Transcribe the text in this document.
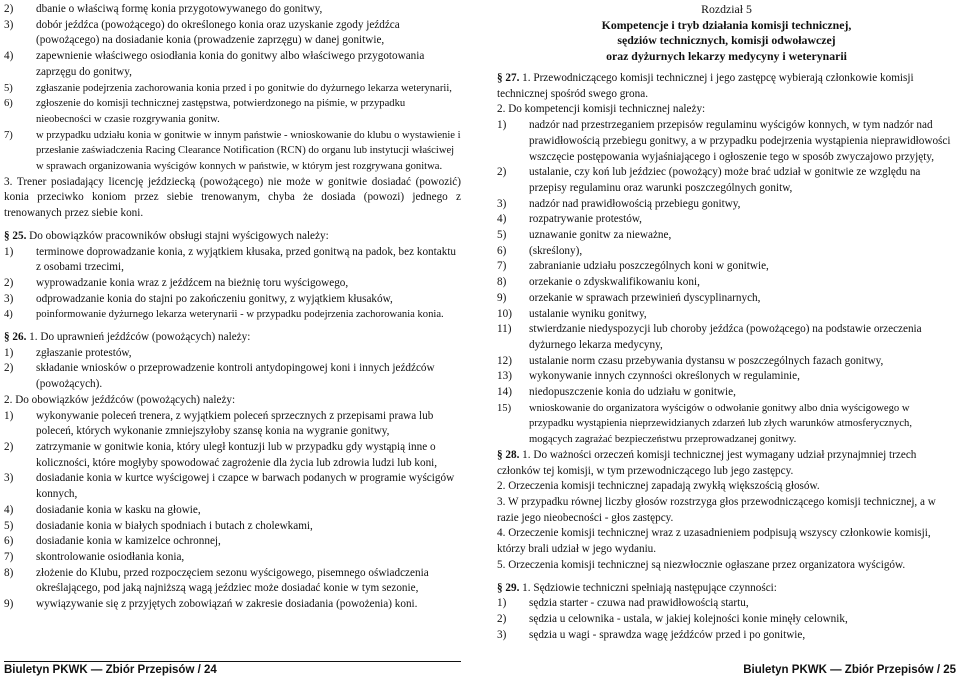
2) dbanie o właściwą formę konia przygotowywanego do gonitwy,

3) dobór jeźdźca (powożącego) do określonego konia oraz uzyskanie zgody jeźdźca (powożącego) na dosiadanie konia (prowadzenie zaprzęgu) w danej gonitwie,

4) zapewnienie właściwego osiodłania konia do gonitwy albo właściwego przygotowania zaprzęgu do gonitwy,

5) zgłaszanie podejrzenia zachorowania konia przed i po gonitwie do dyżurnego lekarza weterynarii,

6) zgłoszenie do komisji technicznej zastępstwa, potwierdzonego na piśmie, w przypadku nieobecności w czasie rozgrywania gonitw.

7) w przypadku udziału konia w gonitwie w innym państwie - wnioskowanie do klubu o wystawienie i przesłanie zaświadczenia Racing Clearance Notification (RCN) do organu lub instytucji właściwej w sprawach organizowania wyścigów konnych w państwie, w którym jest rozgrywana gonitwa.

3. Trener posiadający licencję jeździecką (powożącego) nie może w gonitwie dosiadać (powozić) konia przeciwko koniom przez siebie trenowanym, chyba że dosiada (powozi) jednego z trenowanych przez siebie koni.

§ 25. Do obowiązków pracowników obsługi stajni wyścigowych należy:

1) terminowe doprowadzanie konia, z wyjątkiem kłusaka, przed gonitwą na padok, bez kontaktu z osobami trzecimi,

2) wyprowadzanie konia wraz z jeźdźcem na bieżnię toru wyścigowego,

3) odprowadzanie konia do stajni po zakończeniu gonitwy, z wyjątkiem kłusaków,

4) poinformowanie dyżurnego lekarza weterynarii - w przypadku podejrzenia zachorowania konia.

§ 26. 1. Do uprawnień jeźdźców (powożących) należy:

1) zgłaszanie protestów,

2) składanie wniosków o przeprowadzenie kontroli antydopingowej koni i innych jeźdźców (powożących).

2. Do obowiązków jeźdźców (powożących) należy:

1) wykonywanie poleceń trenera, z wyjątkiem poleceń sprzecznych z przepisami prawa lub poleceń, których wykonanie zmniejszyłoby szansę konia na wygranie gonitwy,

2) zatrzymanie w gonitwie konia, który uległ kontuzji lub w przypadku gdy wystąpią inne o koliczności, które mogłyby spowodować zagrożenie dla życia lub zdrowia ludzi lub koni,

3) dosiadanie konia w kurtce wyścigowej i czapce w barwach podanych w programie wyścigów konnych,

4) dosiadanie konia w kasku na głowie,

5) dosiadanie konia w białych spodniach i butach z cholewkami,

6) dosiadanie konia w kamizelce ochronnej,

7) skontrolowanie osiodłania konia,

8) złożenie do Klubu, przed rozpoczęciem sezonu wyścigowego, pisemnego oświadczenia określającego, pod jaką najniższą wagą jeździec może dosiadać konie w tym sezonie,

9) wywiązywanie się z przyjętych zobowiązań w zakresie dosiadania (powożenia) koni.

Biuletyn PKWK — Zbiór Przepisów / 24

Rozdział 5

Kompetencje i tryb działania komisji technicznej,

sędziów technicznych, komisji odwoławczej

oraz dyżurnych lekarzy medycyny i weterynarii

§ 27. 1. Przewodniczącego komisji technicznej i jego zastępcę wybierają członkowie komisji technicznej spośród swego grona.

2. Do kompetencji komisji technicznej należy:

1) nadzór nad przestrzeganiem przepisów regulaminu wyścigów konnych, w tym nadzór nad prawidłowością przebiegu gonitwy, a w przypadku podejrzenia wystąpienia nieprawidłowości wszczęcie postępowania wyjaśniającego i ogłoszenie tego w sposób zwyczajowo przyjęty,

2) ustalanie, czy koń lub jeździec (powożący) może brać udział w gonitwie ze względu na przepisy regulaminu oraz warunki poszczególnych gonitw,

3) nadzór nad prawidłowością przebiegu gonitwy,

4) rozpatrywanie protestów,

5) uznawanie gonitw za nieważne,

6) (skreślony),

7) zabranianie udziału poszczególnych koni w gonitwie,

8) orzekanie o zdyskwalifikowaniu koni,

9) orzekanie w sprawach przewinień dyscyplinarnych,

10) ustalanie wyniku gonitwy,

11) stwierdzanie niedyspozycji lub choroby jeźdźca (powożącego) na podstawie orzeczenia dyżurnego lekarza medycyny,

12) ustalanie norm czasu przebywania dystansu w poszczególnych fazach gonitwy,

13) wykonywanie innych czynności określonych w regulaminie,

14) niedopuszczenie konia do udziału w gonitwie,

15) wnioskowanie do organizatora wyścigów o odwołanie gonitwy albo dnia wyścigowego w przypadku wystąpienia nieprzewidzianych zdarzeń lub złych warunków atmosferycznych, mogących zagrażać bezpieczeństwu przeprowadzanej gonitwy.

§ 28. 1. Do ważności orzeczeń komisji technicznej jest wymagany udział przynajmniej trzech członków tej komisji, w tym przewodniczącego lub jego zastępcy.

2. Orzeczenia komisji technicznej zapadają zwykłą większością głosów.

3. W przypadku równej liczby głosów rozstrzyga głos przewodniczącego komisji technicznej, a w razie jego nieobecności - głos zastępcy.

4. Orzeczenie komisji technicznej wraz z uzasadnieniem podpisują wszyscy członkowie komisji, którzy brali udział w jego wydaniu.

5. Orzeczenia komisji technicznej są niezwłocznie ogłaszane przez organizatora wyścigów.

§ 29. 1. Sędziowie techniczni spełniają następujące czynności:

1) sędzia starter - czuwa nad prawidłowością startu,

2) sędzia u celownika - ustala, w jakiej kolejności konie minęły celownik,

3) sędzia u wagi - sprawdza wagę jeźdźców przed i po gonitwie,

Biuletyn PKWK — Zbiór Przepisów / 25
